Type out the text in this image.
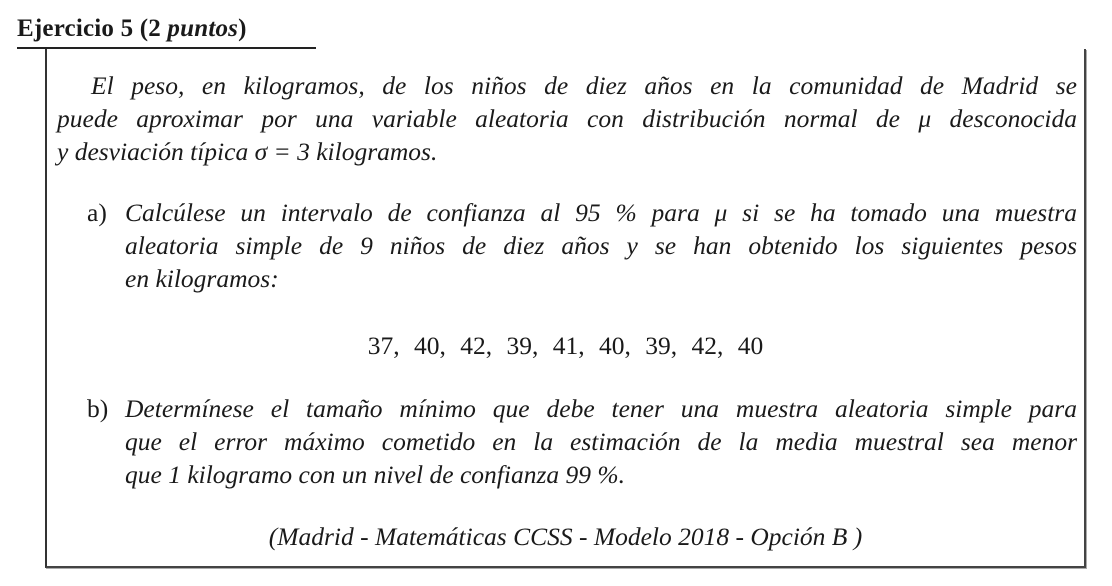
Ejercicio 5 (2 puntos)
El peso, en kilogramos, de los niños de diez años en la comunidad de Madrid se
puede aproximar por una variable aleatoria con distribución normal de μ desconocida
y desviación típica σ = 3 kilogramos.
a) Calcúlese un intervalo de confianza al 95 % para μ si se ha tomado una muestra
aleatoria simple de 9 niños de diez años y se han obtenido los siguientes pesos
en kilogramos:
37, 40, 42, 39, 41, 40, 39, 42, 40
b) Determínese el tamaño mínimo que debe tener una muestra aleatoria simple para
que el error máximo cometido en la estimación de la media muestral sea menor
que 1 kilogramo con un nivel de confianza 99 %.
(Madrid - Matemáticas CCSS - Modelo 2018 - Opción B )
